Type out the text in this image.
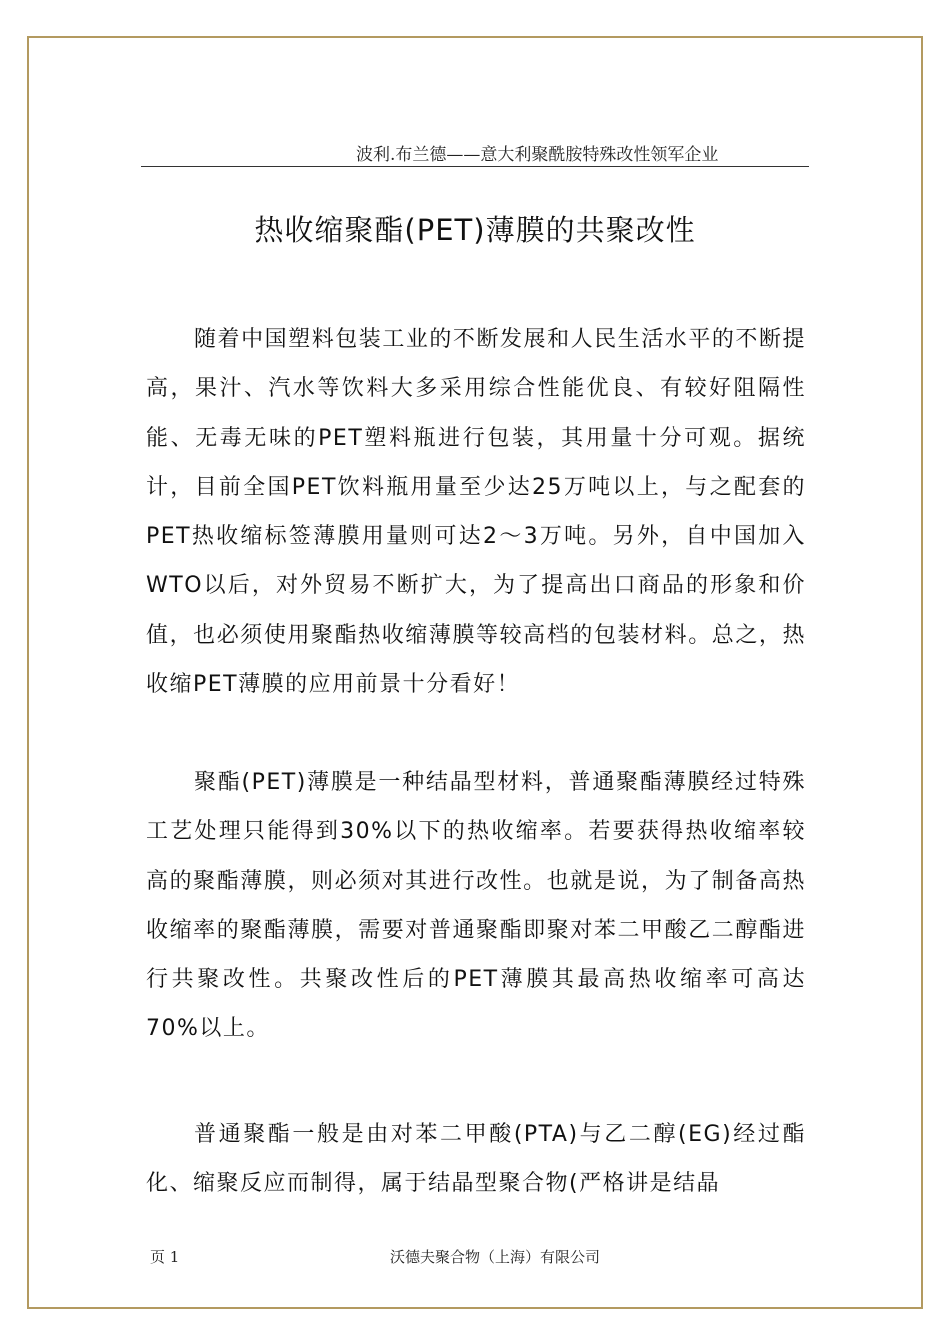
波利.布兰德——意大利聚酰胺特殊改性领军企业
热收缩聚酯(PET)薄膜的共聚改性

随着中国塑料包装工业的不断发展和人民生活水平的不断提高，果汁、汽水等饮料大多采用综合性能优良、有较好阻隔性能、无毒无味的PET塑料瓶进行包装，其用量十分可观。据统计，目前全国PET饮料瓶用量至少达25万吨以上，与之配套的PET热收缩标签薄膜用量则可达2～3万吨。另外，自中国加入WTO以后，对外贸易不断扩大，为了提高出口商品的形象和价值，也必须使用聚酯热收缩薄膜等较高档的包装材料。总之，热收缩PET薄膜的应用前景十分看好！

聚酯(PET)薄膜是一种结晶型材料，普通聚酯薄膜经过特殊工艺处理只能得到30%以下的热收缩率。若要获得热收缩率较高的聚酯薄膜，则必须对其进行改性。也就是说，为了制备高热收缩率的聚酯薄膜，需要对普通聚酯即聚对苯二甲酸乙二醇酯进行共聚改性。共聚改性后的PET薄膜其最高热收缩率可高达70%以上。

普通聚酯一般是由对苯二甲酸(PTA)与乙二醇(EG)经过酯化、缩聚反应而制得，属于结晶型聚合物(严格讲是结晶

页 1	沃德夫聚合物（上海）有限公司
